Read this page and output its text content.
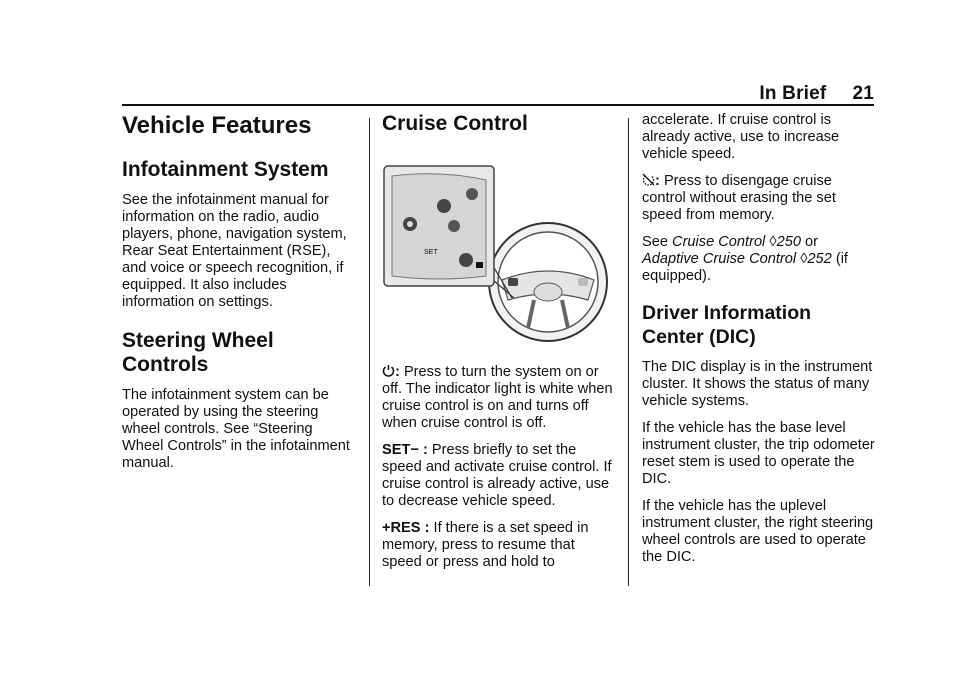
In Brief 21
Vehicle Features
Infotainment System

See the infotainment manual for information on the radio, audio players, phone, navigation system, Rear Seat Entertainment (RSE), and voice or speech recognition, if equipped. It also includes information on settings.

Steering Wheel Controls

The infotainment system can be operated by using the steering wheel controls. See “Steering Wheel Controls” in the infotainment manual.

Cruise Control
SET

: Press to turn the system on or off. The indicator light is white when cruise control is on and turns off when cruise control is off.

SET− : Press briefly to set the speed and activate cruise control. If cruise control is already active, use to decrease vehicle speed.

+RES : If there is a set speed in memory, press to resume that speed or press and hold to

accelerate. If cruise control is already active, use to increase vehicle speed.

: Press to disengage cruise control without erasing the set speed from memory.

See Cruise Control ◊250 or Adaptive Cruise Control ◊252 (if equipped).

Driver Information Center (DIC)

The DIC display is in the instrument cluster. It shows the status of many vehicle systems.

If the vehicle has the base level instrument cluster, the trip odometer reset stem is used to operate the DIC.

If the vehicle has the uplevel instrument cluster, the right steering wheel controls are used to operate the DIC.
